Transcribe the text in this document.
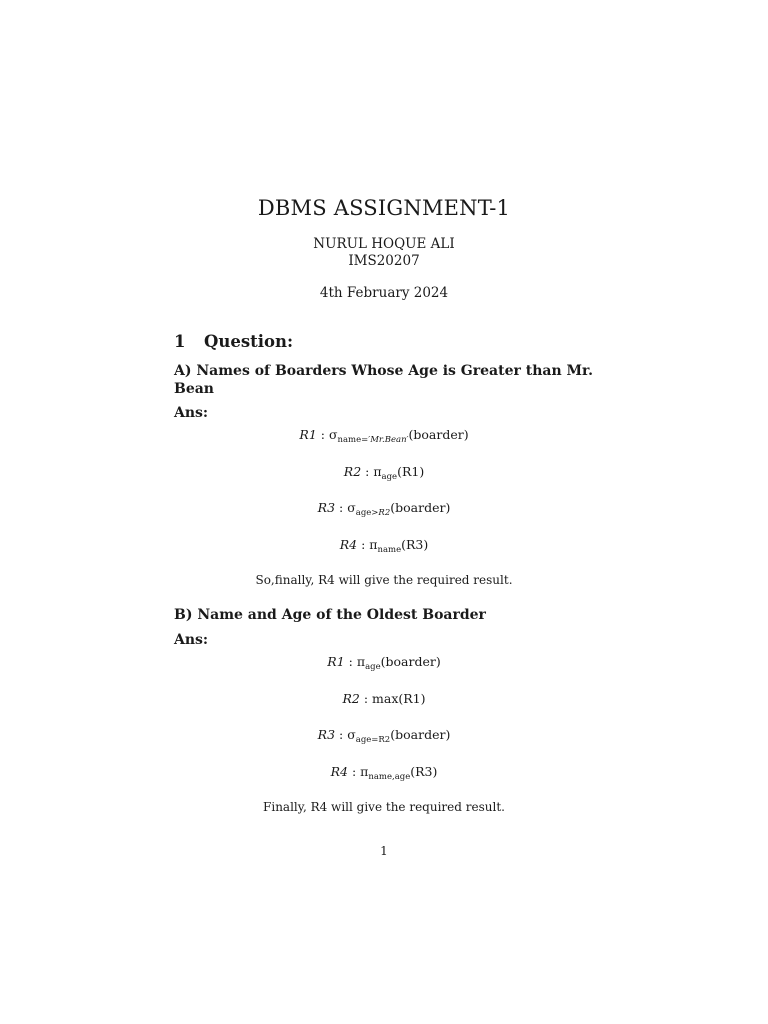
DBMS ASSIGNMENT-1
NURUL HOQUE ALI
IMS20207
4th February 2024
1 Question:
A) Names of Boarders Whose Age is Greater than Mr. Bean
Ans:
R1 : $\sigma_{name='Mr.Bean'}(boarder)$
R2 : $\pi_{age}(R1)$
R3 : $\sigma_{age>R2}(boarder)$
R4 : $\pi_{name}(R3)$
So,finally, R4 will give the required result.
B) Name and Age of the Oldest Boarder
Ans:
R1 : $\pi_{age}(boarder)$
R2 : max(R1)
R3 : $\sigma_{age=R2}(boarder)$
R4 : $\pi_{name,age}(R3)$
Finally, R4 will give the required result.
1
